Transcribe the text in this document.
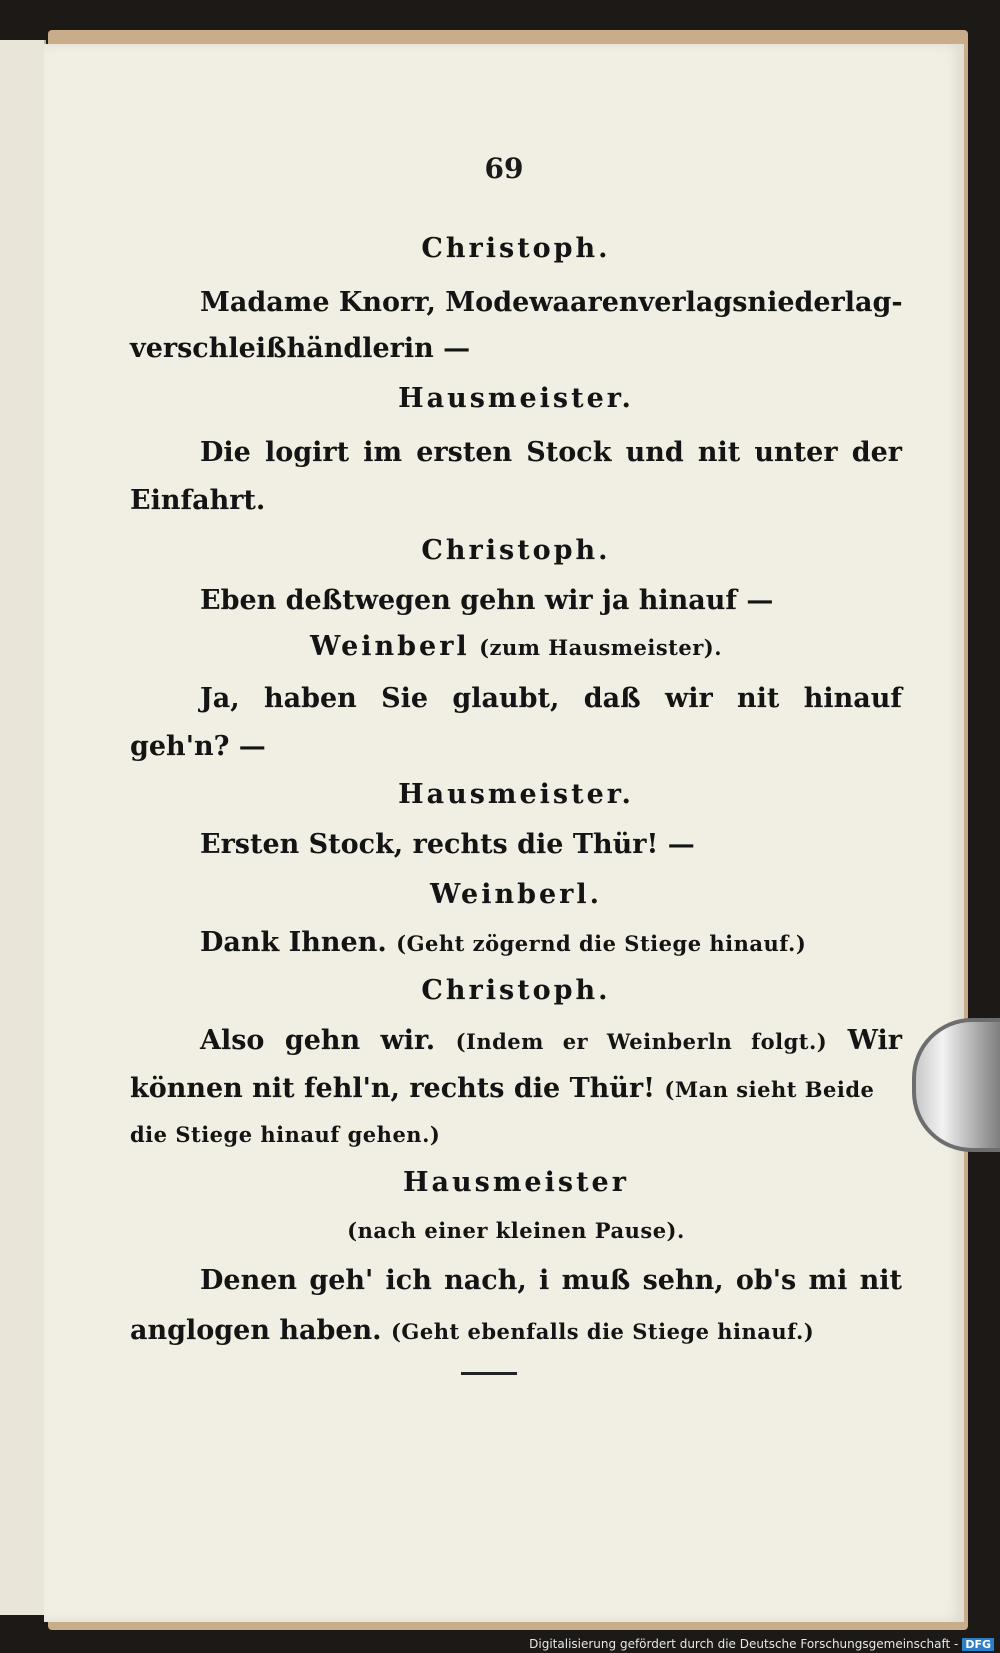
69
Christoph.
Madame Knorr, Modewaarenverlagsniederlag-
verschleißhändlerin —
Hausmeister.
Die logirt im ersten Stock und nit unter der
Einfahrt.
Christoph.
Eben deßtwegen gehn wir ja hinauf —
Weinberl (zum Hausmeister).
Ja, haben Sie glaubt, daß wir nit hinauf
geh'n? —
Hausmeister.
Ersten Stock, rechts die Thür! —
Weinberl.
Dank Ihnen. (Geht zögernd die Stiege hinauf.)
Christoph.
Also gehn wir. (Indem er Weinberln folgt.) Wir
können nit fehl'n, rechts die Thür! (Man sieht Beide
die Stiege hinauf gehen.)
Hausmeister
(nach einer kleinen Pause).
Denen geh' ich nach, i muß sehn, ob's mi nit
anglogen haben. (Geht ebenfalls die Stiege hinauf.)
Digitalisierung gefördert durch die Deutsche Forschungsgemeinschaft - DFG
